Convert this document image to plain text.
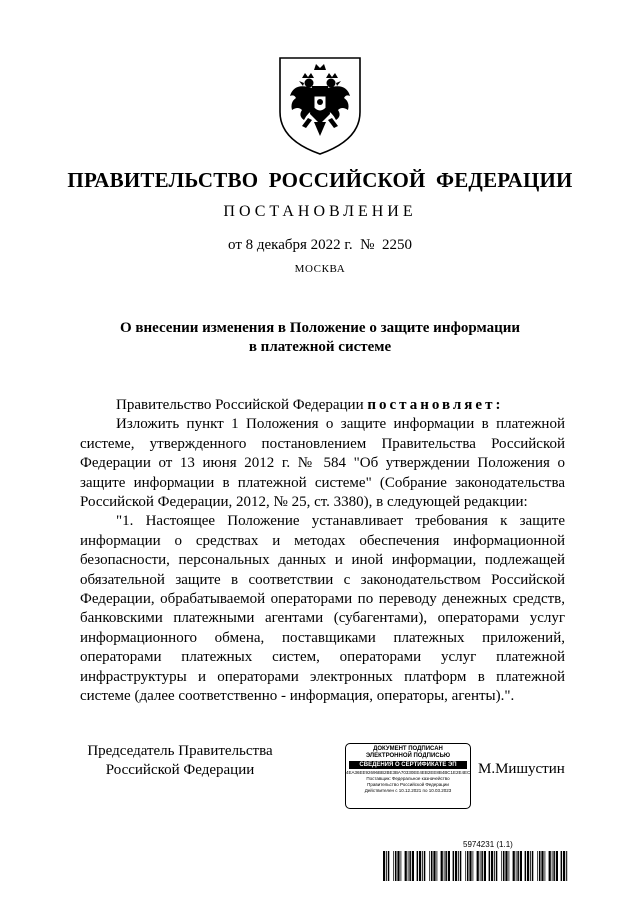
ПРАВИТЕЛЬСТВО РОССИЙСКОЙ ФЕДЕРАЦИИ
ПОСТАНОВЛЕНИЕ
от 8 декабря 2022 г.  №  2250
МОСКВА
О внесении изменения в Положение о защите информации
в платежной системе

Правительство Российской Федерации постановляет:

Изложить пункт 1 Положения о защите информации в платежной системе, утвержденного постановлением Правительства Российской Федерации от 13 июня 2012 г. № 584 "Об утверждении Положения о защите информации в платежной системе" (Собрание законодательства Российской Федерации, 2012, № 25, ст. 3380), в следующей редакции:

"1. Настоящее Положение устанавливает требования к защите информации о средствах и методах обеспечения информационной безопасности, персональных данных и иной информации, подлежащей обязательной защите в соответствии с законодательством Российской Федерации, обрабатываемой операторами по переводу денежных средств, банковскими платежными агентами (субагентами), операторами услуг информационного обмена, поставщиками платежных приложений, операторами платежных систем, операторами услуг платежной инфраструктуры и операторами электронных платформ в платежной системе (далее соответственно - информация, операторы, агенты).".

Председатель Правительства
Российской Федерации
ДОКУМЕНТ ПОДПИСАН
ЭЛЕКТРОННОЙ ПОДПИСЬЮ
СВЕДЕНИЯ О СЕРТИФИКАТЕ ЭП
4ЕА36ЕЕ92696ВВ2ВЕ3ВА70330ЕЕ4ЕВ2ЕЕ8В4ВС1Е2Е4ЕС
Поставщик: Федеральное казначейство
Правительство Российской Федерации
Действителен с 10.12.2021 по 10.03.2023
М.Мишустин
5974231 (1.1)
